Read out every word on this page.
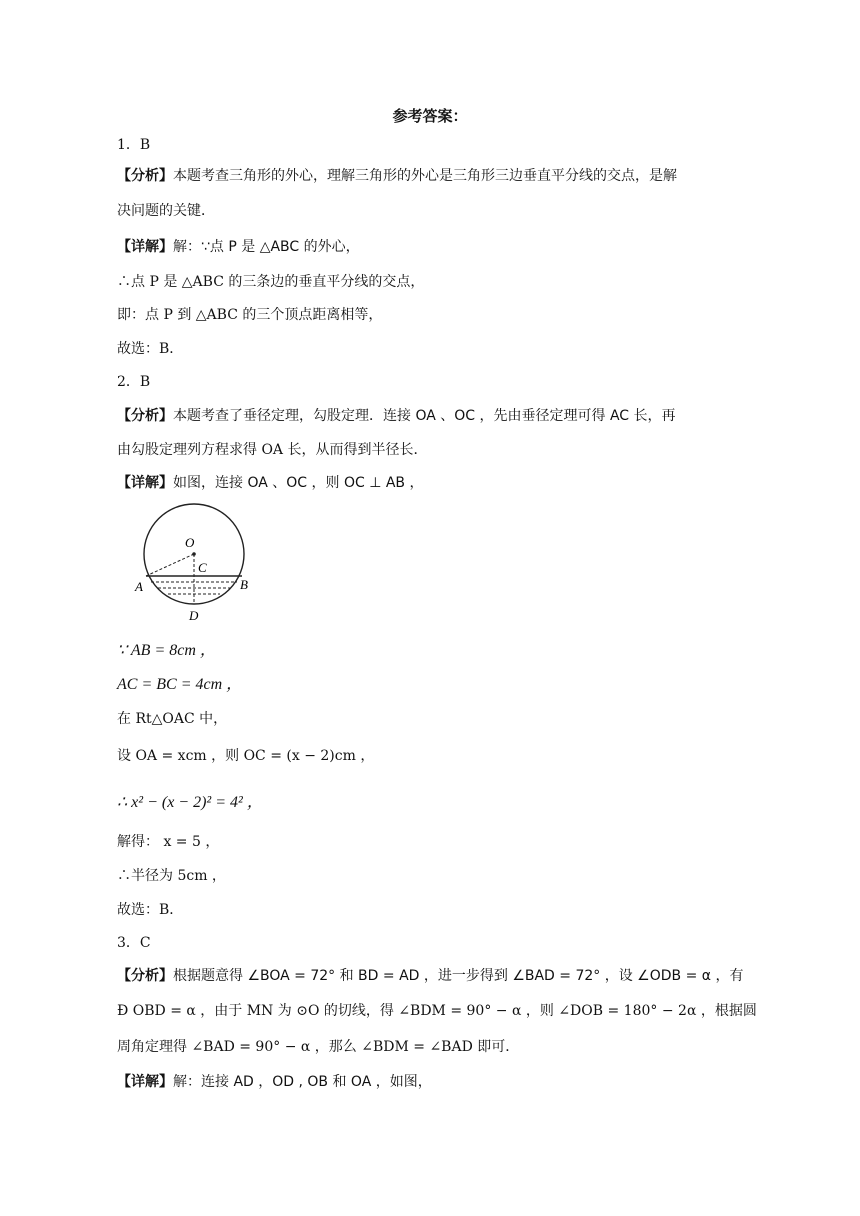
参考答案：
1．B
【分析】本题考查三角形的外心，理解三角形的外心是三角形三边垂直平分线的交点，是解
决问题的关键．
【详解】解：∵点 P 是 △ABC 的外心，
∴点 P 是 △ABC 的三条边的垂直平分线的交点，
即：点 P 到 △ABC 的三个顶点距离相等，
故选：B．
2．B
【分析】本题考查了垂径定理，勾股定理．连接 OA 、OC ，先由垂径定理可得 AC 长，再
由勾股定理列方程求得 OA 长，从而得到半径长．
【详解】如图，连接 OA 、OC ，则 OC ⊥ AB ，
O
C
A	B
D
∵ AB = 8cm ，
AC = BC = 4cm ，
在 Rt△OAC 中，
设 OA = xcm ，则 OC = (x − 2)cm ，
∴ x² − (x − 2)² = 4² ，
解得： x = 5 ，
∴半径为 5cm ，
故选：B．
3．C
【分析】根据题意得 ∠BOA = 72° 和 BD = AD ，进一步得到 ∠BAD = 72° ，设 ∠ODB = α ，有
Ð OBD = α ，由于 MN 为 ⊙O 的切线，得 ∠BDM = 90° − α ，则 ∠DOB = 180° − 2α ，根据圆
周角定理得 ∠BAD = 90° − α ，那么 ∠BDM = ∠BAD 即可．
【详解】解：连接 AD ，OD , OB 和 OA ，如图，
